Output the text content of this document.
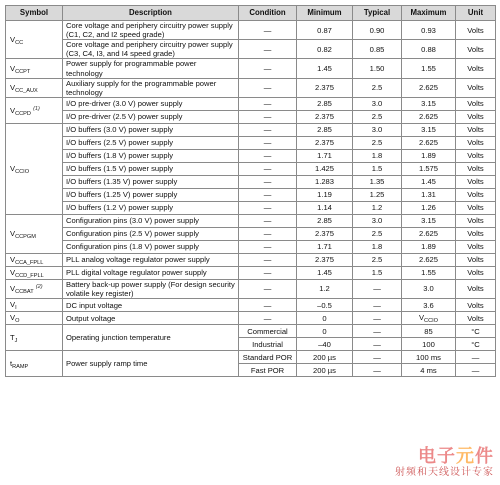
Symbol	Description	Condition	Minimum	Typical	Maximum	Unit
$V_{CC}$	Core voltage and periphery circuitry power supply (C1, C2, and I2 speed grade)	—	0.87	0.90	0.93	Volts
	Core voltage and periphery circuitry power supply (C3, C4, I3, and I4 speed grade)	—	0.82	0.85	0.88	Volts
$V_{CCPT}$	Power supply for programmable power technology	—	1.45	1.50	1.55	Volts
$V_{CC\_AUX}$	Auxiliary supply for the programmable power technology	—	2.375	2.5	2.625	Volts
$V_{CCPD}$ $^{(1)}$	I/O pre-driver (3.0 V) power supply	—	2.85	3.0	3.15	Volts
	I/O pre-driver (2.5 V) power supply	—	2.375	2.5	2.625	Volts
$V_{CCIO}$	I/O buffers (3.0 V) power supply	—	2.85	3.0	3.15	Volts
	I/O buffers (2.5 V) power supply	—	2.375	2.5	2.625	Volts
	I/O buffers (1.8 V) power supply	—	1.71	1.8	1.89	Volts
	I/O buffers (1.5 V) power supply	—	1.425	1.5	1.575	Volts
	I/O buffers (1.35 V) power supply	—	1.283	1.35	1.45	Volts
	I/O buffers (1.25 V) power supply	—	1.19	1.25	1.31	Volts
	I/O buffers (1.2 V) power supply	—	1.14	1.2	1.26	Volts
$V_{CCPGM}$	Configuration pins (3.0 V) power supply	—	2.85	3.0	3.15	Volts
	Configuration pins (2.5 V) power supply	—	2.375	2.5	2.625	Volts
	Configuration pins (1.8 V) power supply	—	1.71	1.8	1.89	Volts
$V_{CCA\_FPLL}$	PLL analog voltage regulator power supply	—	2.375	2.5	2.625	Volts
$V_{CCD\_FPLL}$	PLL digital voltage regulator power supply	—	1.45	1.5	1.55	Volts
$V_{CCBAT}$ $^{(2)}$	Battery back-up power supply (For design security volatile key register)	—	1.2	—	3.0	Volts
$V_I$	DC input voltage	—	–0.5	—	3.6	Volts
$V_O$	Output voltage	—	0	—	$V_{CCIO}$	Volts
$T_J$	Operating junction temperature	Commercial	0	—	85	°C
		Industrial	–40	—	100	°C
$t_{RAMP}$	Power supply ramp time	Standard POR	200 µs	—	100 ms	—
		Fast POR	200 µs	—	4 ms	—
电子元件
射频和天线设计专家
